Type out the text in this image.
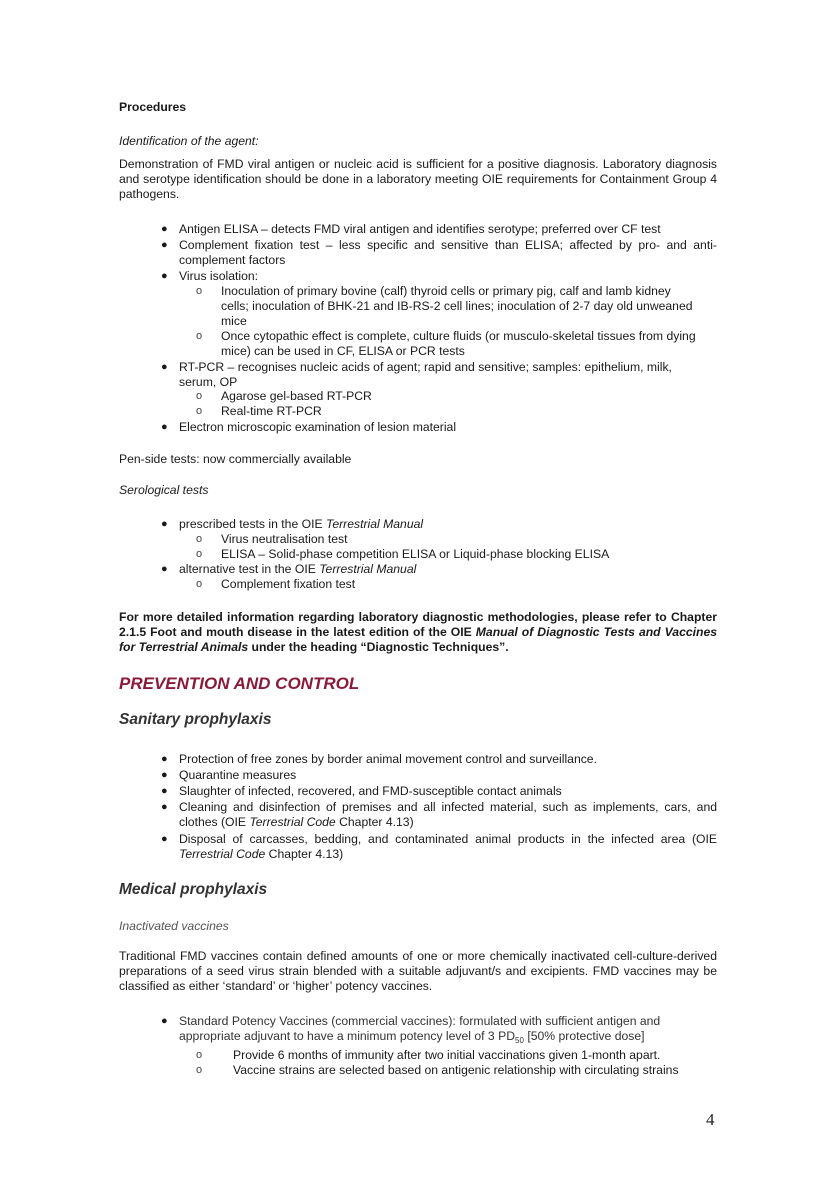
Procedures
Identification of the agent:
Demonstration of FMD viral antigen or nucleic acid is sufficient for a positive diagnosis. Laboratory diagnosis and serotype identification should be done in a laboratory meeting OIE requirements for Containment Group 4 pathogens.
● Antigen ELISA – detects FMD viral antigen and identifies serotype; preferred over CF test
● Complement fixation test – less specific and sensitive than ELISA; affected by pro- and anti-complement factors
● Virus isolation:
o	Inoculation of primary bovine (calf) thyroid cells or primary pig, calf and lamb kidney cells; inoculation of BHK-21 and IB-RS-2 cell lines; inoculation of 2-7 day old unweaned mice
o	Once cytopathic effect is complete, culture fluids (or musculo-skeletal tissues from dying mice) can be used in CF, ELISA or PCR tests
● RT-PCR – recognises nucleic acids of agent; rapid and sensitive; samples: epithelium, milk, serum, OP
o	Agarose gel-based RT-PCR
o	Real-time RT-PCR
● Electron microscopic examination of lesion material
Pen-side tests: now commercially available
Serological tests
● prescribed tests in the OIE Terrestrial Manual
o	Virus neutralisation test
o	ELISA – Solid-phase competition ELISA or Liquid-phase blocking ELISA
● alternative test in the OIE Terrestrial Manual
o	Complement fixation test
For more detailed information regarding laboratory diagnostic methodologies, please refer to Chapter 2.1.5 Foot and mouth disease in the latest edition of the OIE Manual of Diagnostic Tests and Vaccines for Terrestrial Animals under the heading “Diagnostic Techniques”.
PREVENTION AND CONTROL
Sanitary prophylaxis
● Protection of free zones by border animal movement control and surveillance.
● Quarantine measures
● Slaughter of infected, recovered, and FMD-susceptible contact animals
● Cleaning and disinfection of premises and all infected material, such as implements, cars, and clothes (OIE Terrestrial Code Chapter 4.13)
● Disposal of carcasses, bedding, and contaminated animal products in the infected area (OIE Terrestrial Code Chapter 4.13)
Medical prophylaxis
Inactivated vaccines
Traditional FMD vaccines contain defined amounts of one or more chemically inactivated cell-culture-derived preparations of a seed virus strain blended with a suitable adjuvant/s and excipients. FMD vaccines may be classified as either ‘standard’ or ‘higher’ potency vaccines.
● Standard Potency Vaccines (commercial vaccines): formulated with sufficient antigen and appropriate adjuvant to have a minimum potency level of 3 $PD_{50}$ [50% protective dose]
o	Provide 6 months of immunity after two initial vaccinations given 1-month apart.
o	Vaccine strains are selected based on antigenic relationship with circulating strains
4
